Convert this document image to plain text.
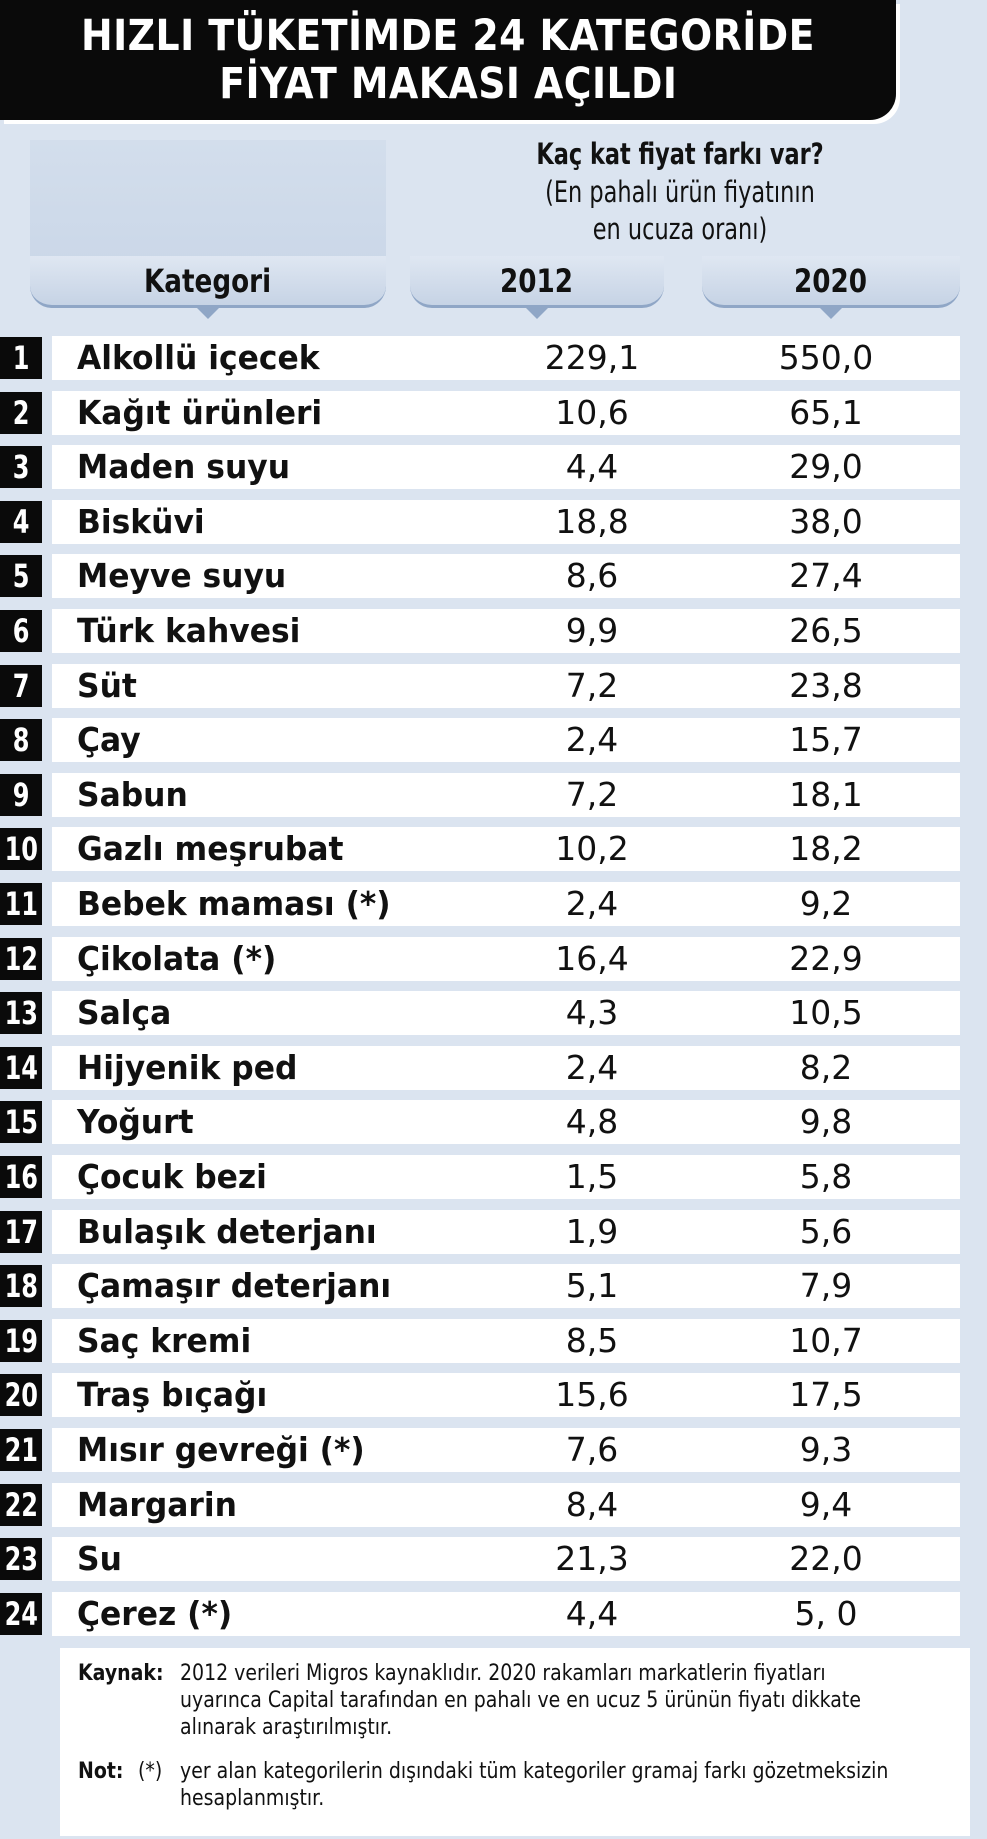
HIZLI TÜKETİMDE 24 KATEGORİDE
FİYAT MAKASI AÇILDI
Kaç kat fiyat farkı var?
(En pahalı ürün fiyatının
en ucuza oranı)
Kategori	2012	2020
1 Alkollü içecek	229,1	550,0
2 Kağıt ürünleri	10,6	65,1
3 Maden suyu	4,4	29,0
4 Bisküvi	18,8	38,0
5 Meyve suyu	8,6	27,4
6 Türk kahvesi	9,9	26,5
7 Süt	7,2	23,8
8 Çay	2,4	15,7
9 Sabun	7,2	18,1
10 Gazlı meşrubat	10,2	18,2
11 Bebek maması (*)	2,4	9,2
12 Çikolata (*)	16,4	22,9
13 Salça	4,3	10,5
14 Hijyenik ped	2,4	8,2
15 Yoğurt	4,8	9,8
16 Çocuk bezi	1,5	5,8
17 Bulaşık deterjanı	1,9	5,6
18 Çamaşır deterjanı	5,1	7,9
19 Saç kremi	8,5	10,7
20 Traş bıçağı	15,6	17,5
21 Mısır gevreği (*)	7,6	9,3
22 Margarin	8,4	9,4
23 Su	21,3	22,0
24 Çerez (*)	4,4	5, 0
Kaynak: 2012 verileri Migros kaynaklıdır. 2020 rakamları markatlerin fiyatları
uyarınca Capital tarafından en pahalı ve en ucuz 5 ürünün fiyatı dikkate
alınarak araştırılmıştır.
Not: (*) yer alan kategorilerin dışındaki tüm kategoriler gramaj farkı gözetmeksizin
hesaplanmıştır.
